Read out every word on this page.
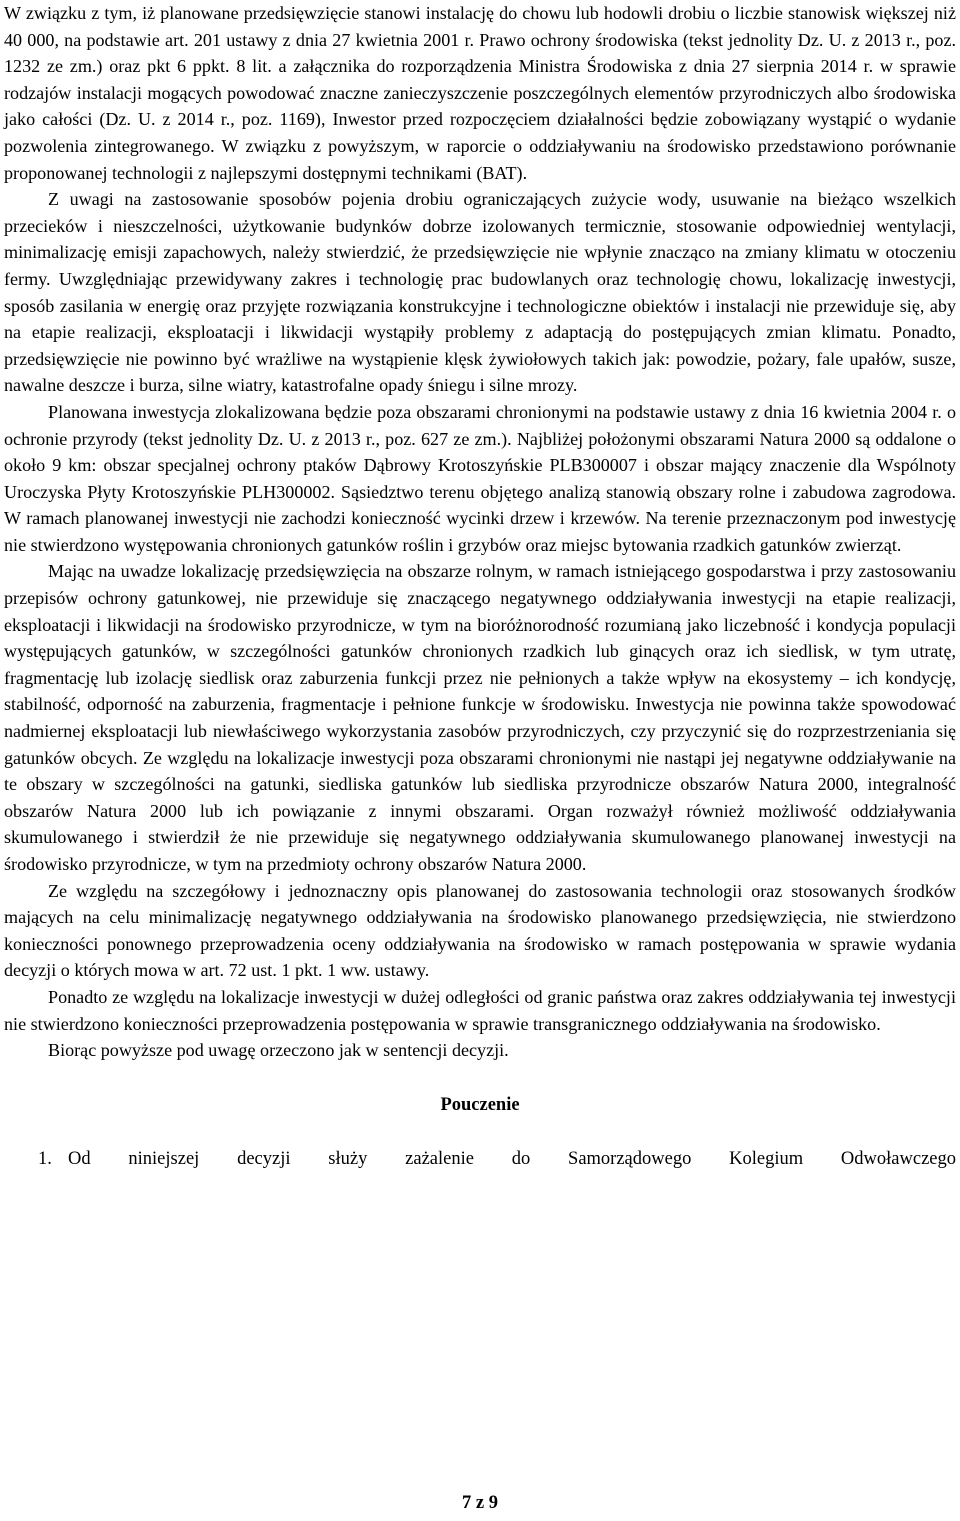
W związku z tym, iż planowane przedsięwzięcie stanowi instalację do chowu lub hodowli drobiu o liczbie stanowisk większej niż 40 000, na podstawie art. 201 ustawy z dnia 27 kwietnia 2001 r. Prawo ochrony środowiska (tekst jednolity Dz. U. z 2013 r., poz. 1232 ze zm.) oraz pkt 6 ppkt. 8 lit. a załącznika do rozporządzenia Ministra Środowiska z dnia 27 sierpnia 2014 r. w sprawie rodzajów instalacji mogących powodować znaczne zanieczyszczenie poszczególnych elementów przyrodniczych albo środowiska jako całości (Dz. U. z 2014 r., poz. 1169), Inwestor przed rozpoczęciem działalności będzie zobowiązany wystąpić o wydanie pozwolenia zintegrowanego. W związku z powyższym, w raporcie o oddziaływaniu na środowisko przedstawiono porównanie proponowanej technologii z najlepszymi dostępnymi technikami (BAT).

Z uwagi na zastosowanie sposobów pojenia drobiu ograniczających zużycie wody, usuwanie na bieżąco wszelkich przecieków i nieszczelności, użytkowanie budynków dobrze izolowanych termicznie, stosowanie odpowiedniej wentylacji, minimalizację emisji zapachowych, należy stwierdzić, że przedsięwzięcie nie wpłynie znacząco na zmiany klimatu w otoczeniu fermy. Uwzględniając przewidywany zakres i technologię prac budowlanych oraz technologię chowu, lokalizację inwestycji, sposób zasilania w energię oraz przyjęte rozwiązania konstrukcyjne i technologiczne obiektów i instalacji nie przewiduje się, aby na etapie realizacji, eksploatacji i likwidacji wystąpiły problemy z adaptacją do postępujących zmian klimatu. Ponadto, przedsięwzięcie nie powinno być wrażliwe na wystąpienie klęsk żywiołowych takich jak: powodzie, pożary, fale upałów, susze, nawalne deszcze i burza, silne wiatry, katastrofalne opady śniegu i silne mrozy.

Planowana inwestycja zlokalizowana będzie poza obszarami chronionymi na podstawie ustawy z dnia 16 kwietnia 2004 r. o ochronie przyrody (tekst jednolity Dz. U. z 2013 r., poz. 627 ze zm.). Najbliżej położonymi obszarami Natura 2000 są oddalone o około 9 km: obszar specjalnej ochrony ptaków Dąbrowy Krotoszyńskie PLB300007 i obszar mający znaczenie dla Wspólnoty Uroczyska Płyty Krotoszyńskie PLH300002. Sąsiedztwo terenu objętego analizą stanowią obszary rolne i zabudowa zagrodowa. W ramach planowanej inwestycji nie zachodzi konieczność wycinki drzew i krzewów. Na terenie przeznaczonym pod inwestycję nie stwierdzono występowania chronionych gatunków roślin i grzybów oraz miejsc bytowania rzadkich gatunków zwierząt.

Mając na uwadze lokalizację przedsięwzięcia na obszarze rolnym, w ramach istniejącego gospodarstwa i przy zastosowaniu przepisów ochrony gatunkowej, nie przewiduje się znaczącego negatywnego oddziaływania inwestycji na etapie realizacji, eksploatacji i likwidacji na środowisko przyrodnicze, w tym na bioróżnorodność rozumianą jako liczebność i kondycja populacji występujących gatunków, w szczególności gatunków chronionych rzadkich lub ginących oraz ich siedlisk, w tym utratę, fragmentację lub izolację siedlisk oraz zaburzenia funkcji przez nie pełnionych a także wpływ na ekosystemy – ich kondycję, stabilność, odporność na zaburzenia, fragmentacje i pełnione funkcje w środowisku. Inwestycja nie powinna także spowodować nadmiernej eksploatacji lub niewłaściwego wykorzystania zasobów przyrodniczych, czy przyczynić się do rozprzestrzeniania się gatunków obcych. Ze względu na lokalizacje inwestycji poza obszarami chronionymi nie nastąpi jej negatywne oddziaływanie na te obszary w szczególności na gatunki, siedliska gatunków lub siedliska przyrodnicze obszarów Natura 2000, integralność obszarów Natura 2000 lub ich powiązanie z innymi obszarami. Organ rozważył również możliwość oddziaływania skumulowanego i stwierdził że nie przewiduje się negatywnego oddziaływania skumulowanego planowanej inwestycji na środowisko przyrodnicze, w tym na przedmioty ochrony obszarów Natura 2000.

Ze względu na szczegółowy i jednoznaczny opis planowanej do zastosowania technologii oraz stosowanych środków mających na celu minimalizację negatywnego oddziaływania na środowisko planowanego przedsięwzięcia, nie stwierdzono konieczności ponownego przeprowadzenia oceny oddziaływania na środowisko w ramach postępowania w sprawie wydania decyzji o których mowa w art. 72 ust. 1 pkt. 1 ww. ustawy.

Ponadto ze względu na lokalizacje inwestycji w dużej odległości od granic państwa oraz zakres oddziaływania tej inwestycji nie stwierdzono konieczności przeprowadzenia postępowania w sprawie transgranicznego oddziaływania na środowisko.

Biorąc powyższe pod uwagę orzeczono jak w sentencji decyzji.

Pouczenie
1. Od niniejszej decyzji służy zażalenie do Samorządowego Kolegium Odwoławczego
7 z 9
